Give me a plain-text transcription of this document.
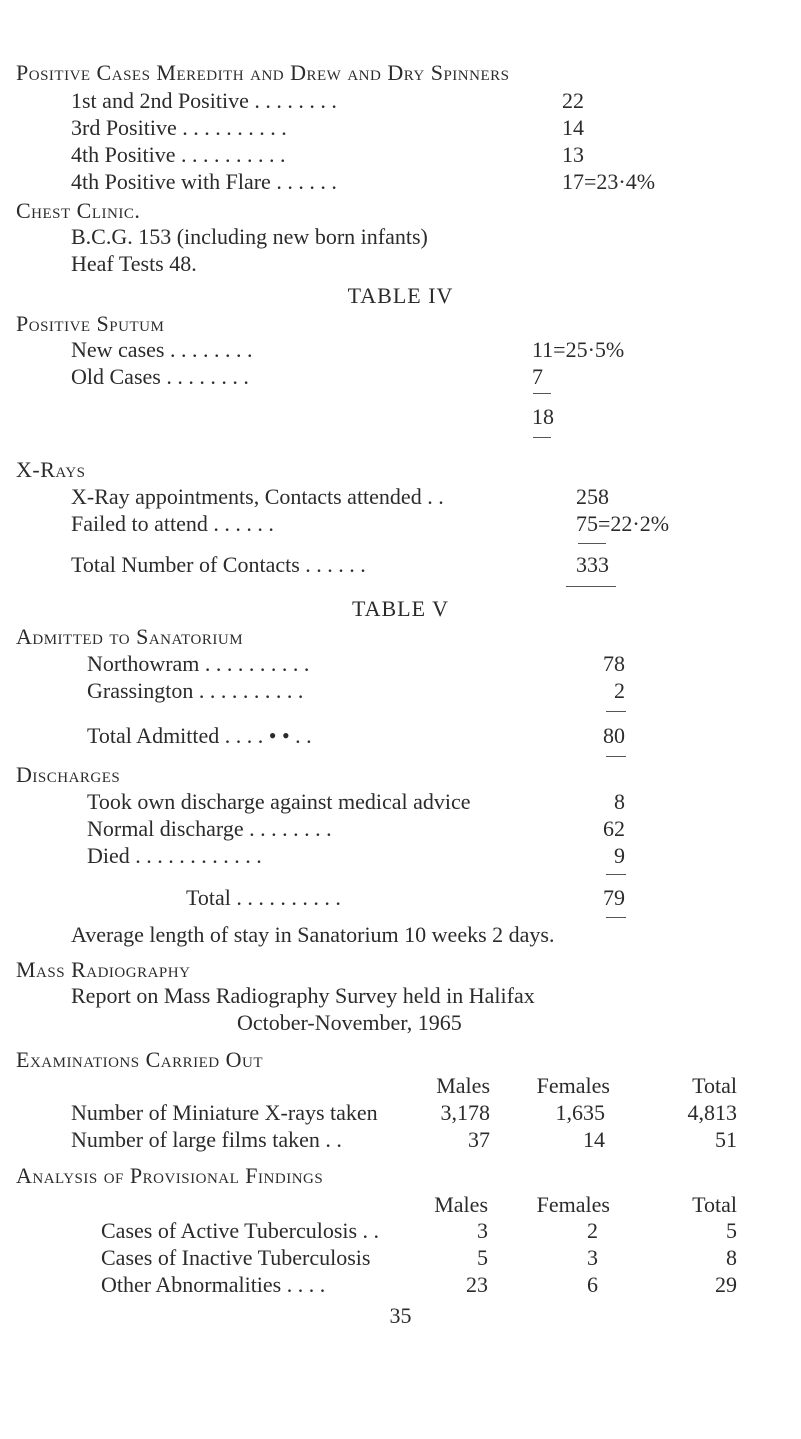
Positive Cases Meredith and Drew and Dry Spinners
1st and 2nd Positive . . . . . . . .	22
3rd Positive . . . . . . . . . .	14
4th Positive . . . . . . . . . .	13
4th Positive with Flare . . . . . .	17=23·4%
Chest Clinic.
B.C.G. 153 (including new born infants)
Heaf Tests 48.
TABLE IV
Positive Sputum
New cases . . . . . . . .	11=25·5%
Old Cases . . . . . . . .	7
18
X-Rays
X-Ray appointments, Contacts attended . .	258
Failed to attend . . . . . .	75=22·2%
Total Number of Contacts . . . . . .	333
TABLE V
Admitted to Sanatorium
Northowram . . . . . . . . . .	78
Grassington . . . . . . . . . .	2
Total Admitted . . . . • • . .	80
Discharges
Took own discharge against medical advice	8
Normal discharge . . . . . . . .	62
Died . . . . . . . . . . . .	9
Total . . . . . . . . . .	79
Average length of stay in Sanatorium 10 weeks 2 days.
Mass Radiography
Report on Mass Radiography Survey held in Halifax
October-November, 1965
Examinations Carried Out
Males	Females	Total
Number of Miniature X-rays taken	3,178	1,635	4,813
Number of large films taken . .	37	14	51
Analysis of Provisional Findings
Males	Females	Total
Cases of Active Tuberculosis . .	3	2	5
Cases of Inactive Tuberculosis	5	3	8
Other Abnormalities . . . .	23	6	29
35
